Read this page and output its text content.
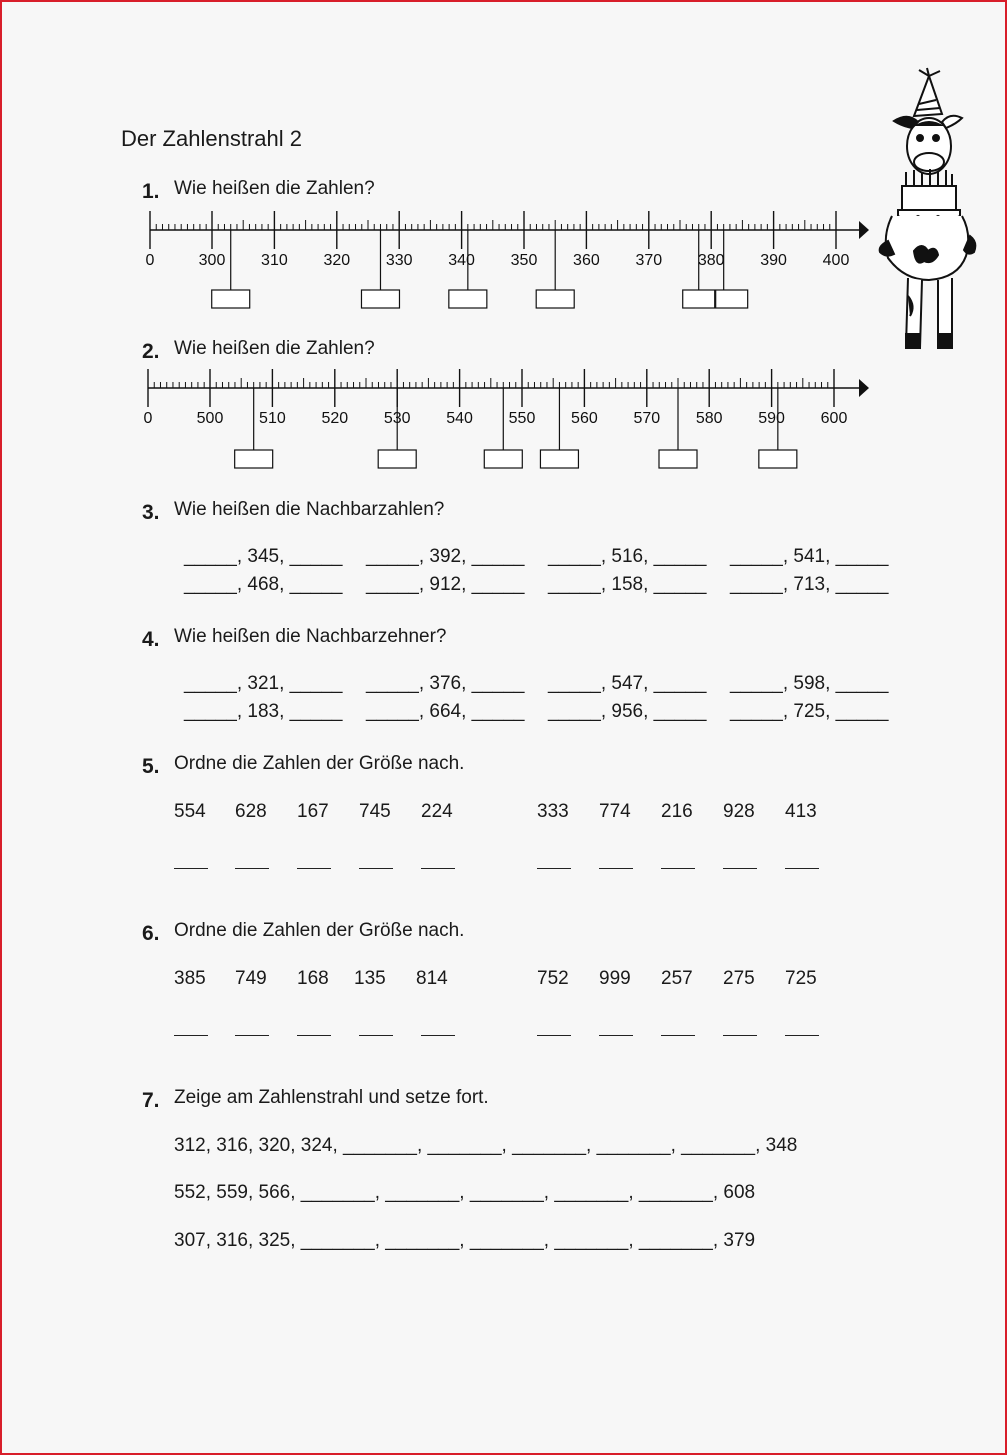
Der Zahlenstrahl 2
1. Wie heißen die Zahlen?
2. Wie heißen die Zahlen?
3. Wie heißen die Nachbarzahlen?
4. Wie heißen die Nachbarzehner?
5. Ordne die Zahlen der Größe nach.
6. Ordne die Zahlen der Größe nach.
7. Zeige am Zahlenstrahl und setze fort.
0	300 310 320 330 340 350 360 370 380 390 400
0	500 510 520 530 540 550 560 570 580 590 600
_____, 345, _____ _____, 392, _____ _____, 516, _____ _____, 541, _____
_____, 468, _____ _____, 912, _____ _____, 158, _____ _____, 713, _____
_____, 321, _____ _____, 376, _____ _____, 547, _____ _____, 598, _____
_____, 183, _____ _____, 664, _____ _____, 956, _____ _____, 725, _____
554 628 167 745 224	333 774 216 928 413
385 749 168 135 814	752 999 257 275 725
312, 316, 320, 324, _______, _______, _______, _______, _______, 348
552, 559, 566, _______, _______, _______, _______, _______, 608
307, 316, 325, _______, _______, _______, _______, _______, 379
